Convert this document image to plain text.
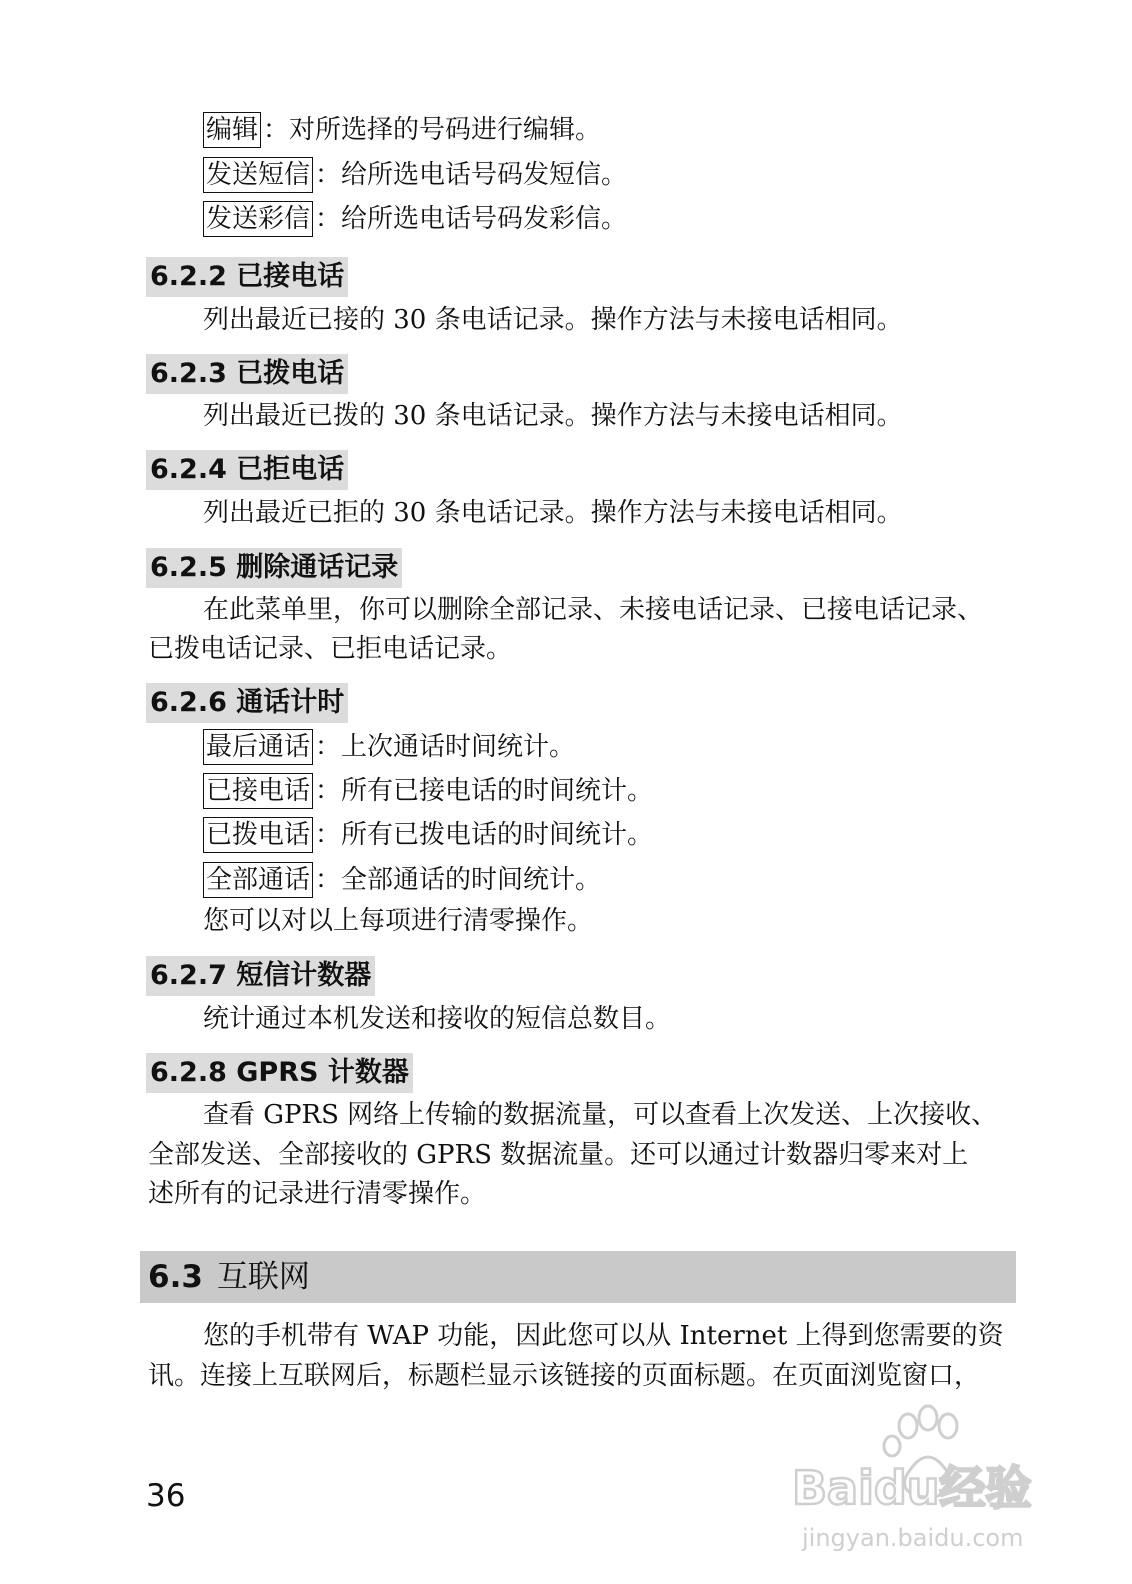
编辑 ：对所选择的号码进行编辑。
发送短信 ：给所选电话号码发短信。
发送彩信 ：给所选电话号码发彩信。
6.2.2 已接电话
列出最近已接的 30 条电话记录。操作方法与未接电话相同。
6.2.3 已拨电话
列出最近已拨的 30 条电话记录。操作方法与未接电话相同。
6.2.4 已拒电话
列出最近已拒的 30 条电话记录。操作方法与未接电话相同。
6.2.5 删除通话记录
在此菜单里，你可以删除全部记录、未接电话记录、已接电话记录、
已拨电话记录、已拒电话记录。
6.2.6 通话计时
最后通话 ：上次通话时间统计。
已接电话 ：所有已接电话的时间统计。
已拨电话 ：所有已拨电话的时间统计。
全部通话 ：全部通话的时间统计。
您可以对以上每项进行清零操作。
6.2.7 短信计数器
统计通过本机发送和接收的短信总数目。
6.2.8 GPRS 计数器
查看 GPRS 网络上传输的数据流量，可以查看上次发送、上次接收、
全部发送、全部接收的 GPRS 数据流量。还可以通过计数器归零来对上
述所有的记录进行清零操作。
6.3 互联网
您的手机带有 WAP 功能，因此您可以从 Internet 上得到您需要的资
讯。连接上互联网后，标题栏显示该链接的页面标题。在页面浏览窗口，
36	Baidu经验
jingyan.baidu.com
